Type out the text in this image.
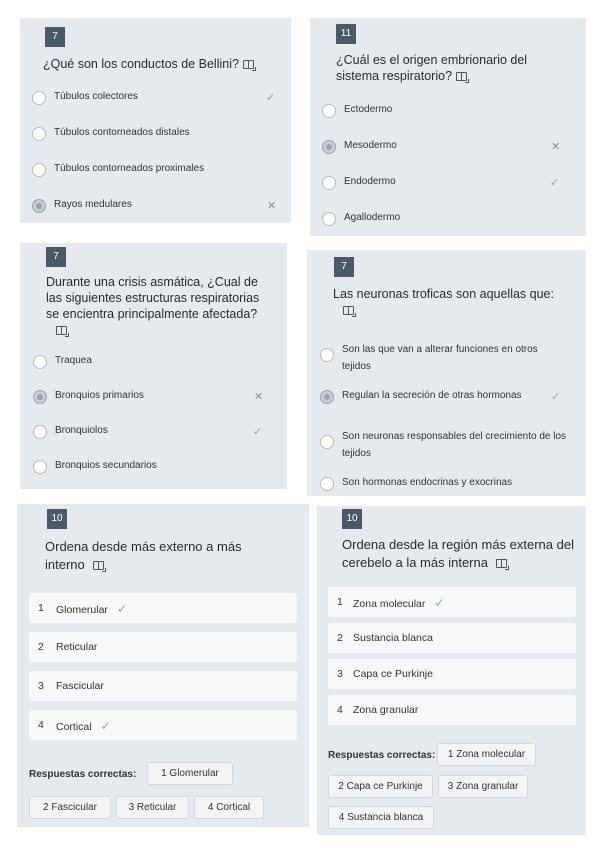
7
¿Qué son los conductos de Bellini?
Túbulos colectores	✓
Túbulos contorneados distales
Túbulos contorneados proximales
Rayos medulares	✕
11
¿Cuál es el origen embrionario del
sistema respiratorio?
Ectodermo
Mesodermo	✕
Endodermo	✓
Agallodermo
7
Durante una crisis asmática, ¿Cual de
las siguientes estructuras respiratorias
se encientra principalmente afectada?

Traquea
Bronquios primarios	✕
Bronquiolos	✓
Bronquios secundarios
7
Las neuronas troficas son aquellas que:

Son las que van a alterar funciones en otros tejidos
Regulan la secreción de otras hormonas	✓
Son neuronas responsables del crecimiento de los tejidos
Son hormonas endocrinas y exocrinas
10
Ordena desde más externo a más
interno
1 Glomerular ✓
2 Reticular
3 Fascicular
4 Cortical ✓
Respuestas correctas:	1 Glomerular
2 Fascicular	3 Reticular	4 Cortical
10
Ordena desde la región más externa del
cerebelo a la más interna
1 Zona molecular ✓
2 Sustancia blanca
3 Capa ce Purkinje
4 Zona granular
Respuestas correctas:	1 Zona molecular
2 Capa ce Purkinje	3 Zona granular
4 Sustancia blanca
